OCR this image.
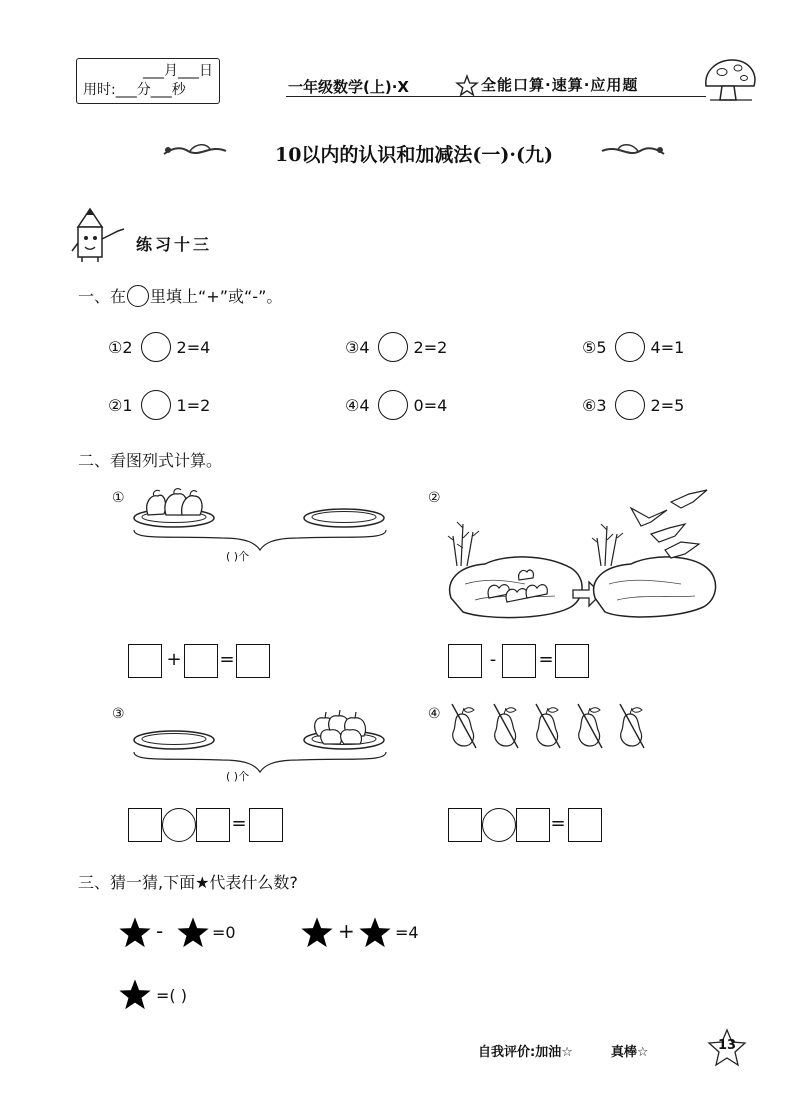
___月___日
用时:___分___秒	一年级数学(上)·X	全能口算·速算·应用题
10以内的认识和加减法(一)·(九)
练习十三
一、在 里填上“+”或“-”。
① 2	2=4	③ 4	2=2	⑤ 5	4=1
② 1	1=2	④ 4	0=4	⑥ 3	2=5
二、看图列式计算。
①
( )个
+ =
②
- =
③
( )个
=
④
=
三、猜一猜,下面★代表什么数?
-	=0	+	=4
=( )
自我评价:加油☆	真棒☆	13
